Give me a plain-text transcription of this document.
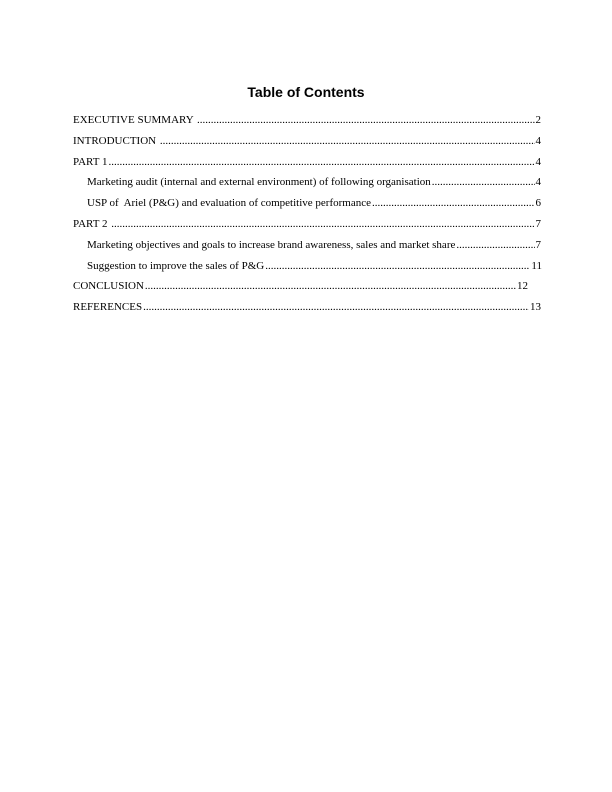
Table of Contents
EXECUTIVE SUMMARY .....	2
INTRODUCTION .....	4
PART 1 .....	4
Marketing audit (internal and external environment) of following organisation .....	4
USP of  Ariel (P&G) and evaluation of competitive performance .....	6
PART 2 .....	7
Marketing objectives and goals to increase brand awareness, sales and market share .....	7
Suggestion to improve the sales of P&G .....	11
CONCLUSION .....	12
REFERENCES .....	13
